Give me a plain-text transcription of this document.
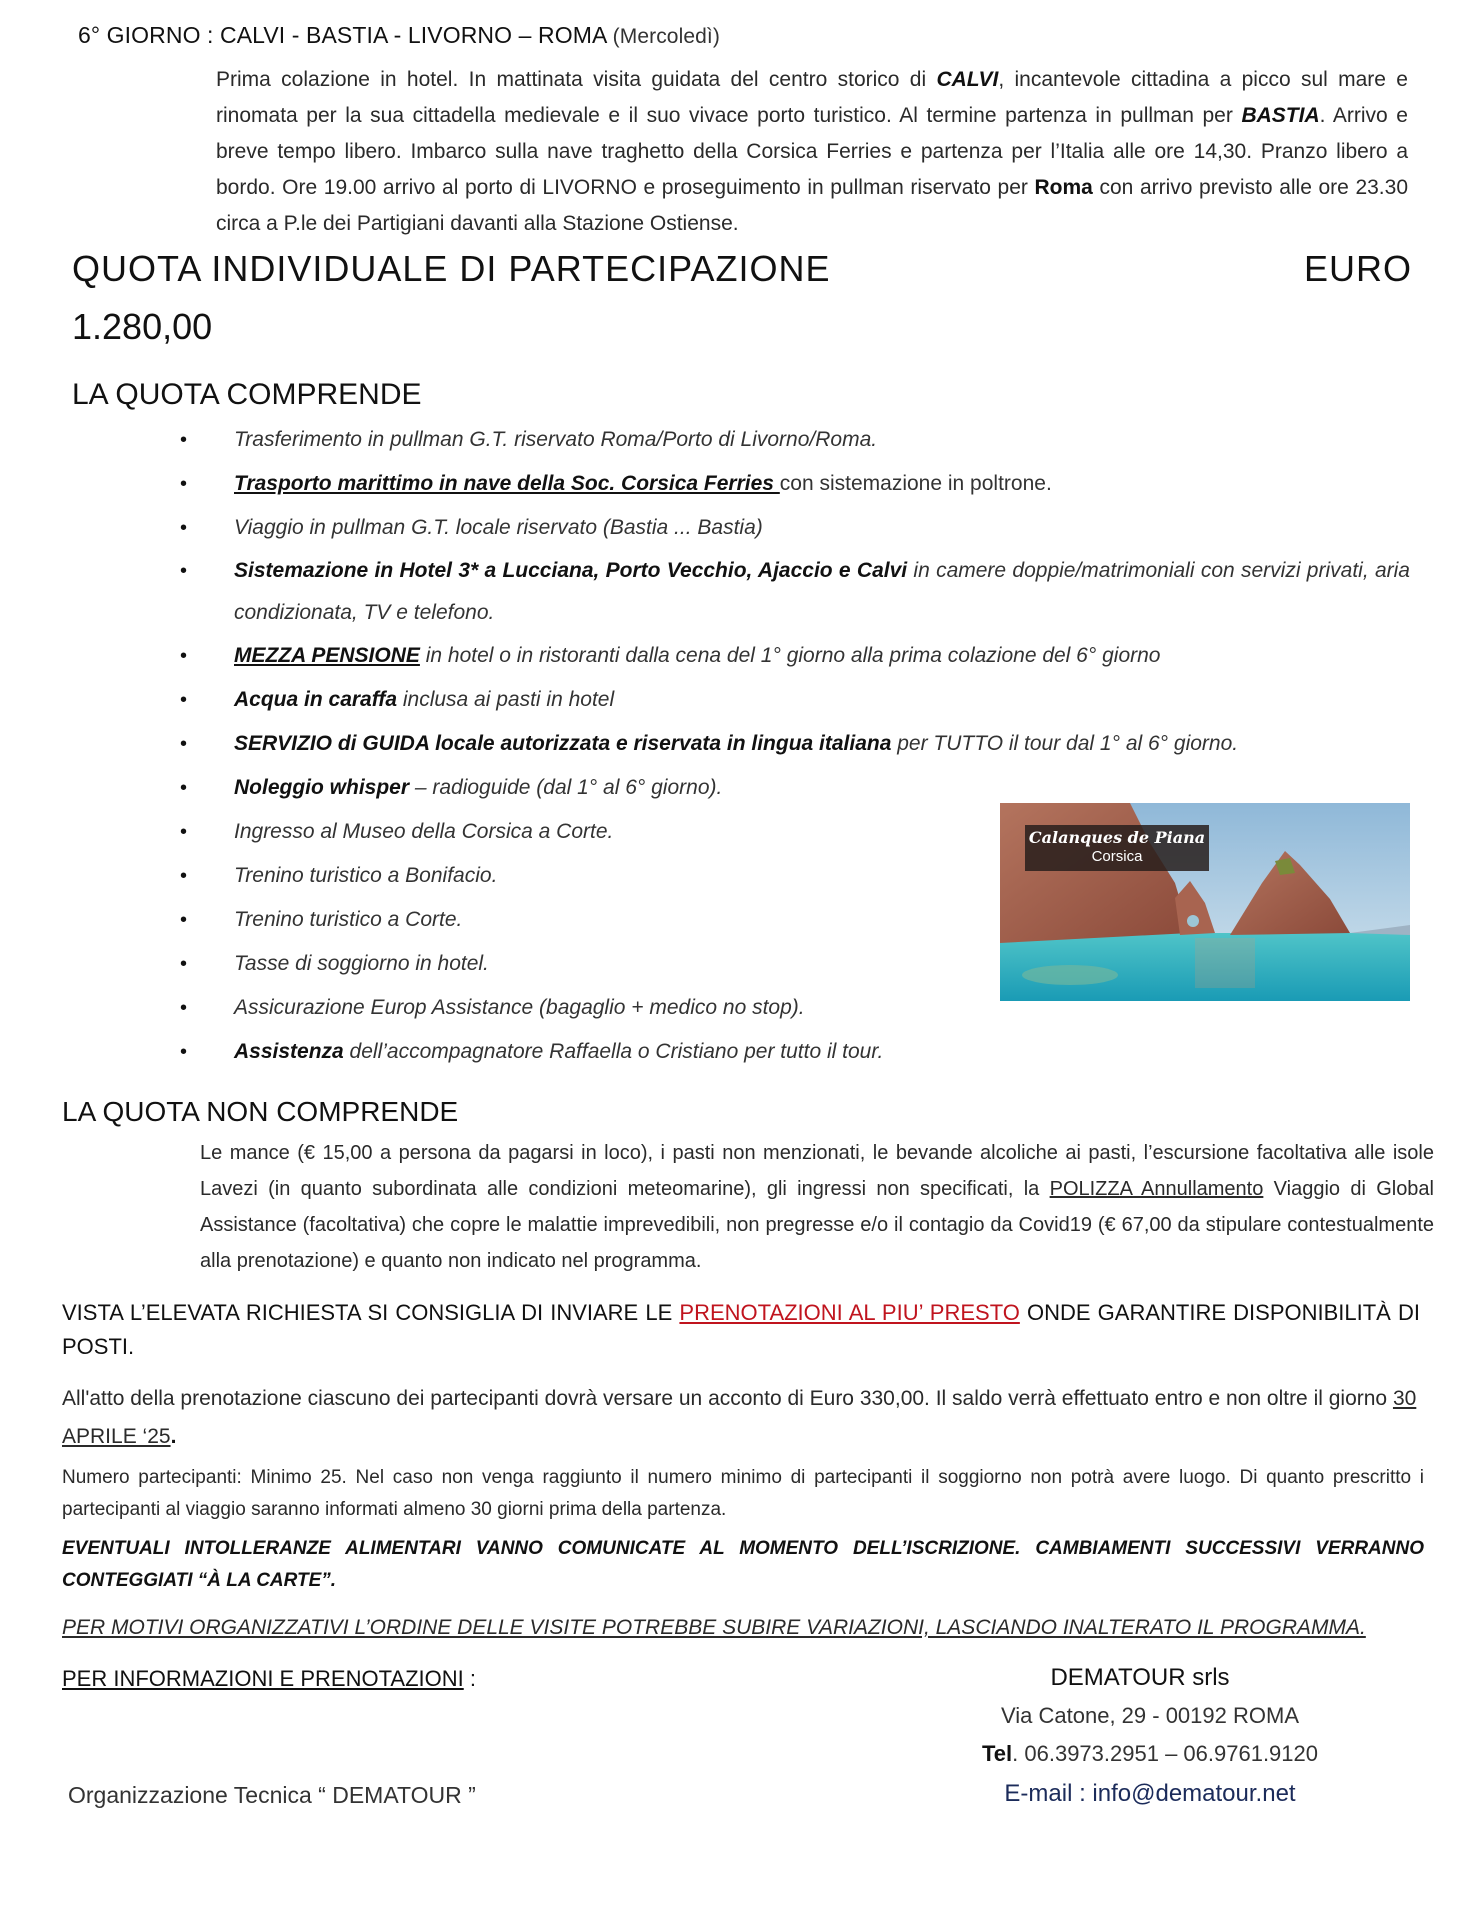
6° GIORNO : CALVI - BASTIA - LIVORNO – ROMA (Mercoledì)
Prima colazione in hotel. In mattinata visita guidata del centro storico di CALVI, incantevole cittadina a picco sul mare e rinomata per la sua cittadella medievale e il suo vivace porto turistico. Al termine partenza in pullman per BASTIA. Arrivo e breve tempo libero. Imbarco sulla nave traghetto della Corsica Ferries e partenza per l’Italia alle ore 14,30. Pranzo libero a bordo. Ore 19.00 arrivo al porto di LIVORNO e proseguimento in pullman riservato per Roma con arrivo previsto alle ore 23.30 circa a P.le dei Partigiani davanti alla Stazione Ostiense.
QUOTA INDIVIDUALE DI PARTECIPAZIONE	EURO
1.280,00
LA QUOTA COMPRENDE
• Trasferimento in pullman G.T. riservato Roma/Porto di Livorno/Roma.
• Trasporto marittimo in nave della Soc. Corsica Ferries con sistemazione in poltrone.
• Viaggio in pullman G.T. locale riservato (Bastia ... Bastia)
• Sistemazione in Hotel 3* a Lucciana, Porto Vecchio, Ajaccio e Calvi in camere doppie/matrimoniali con servizi privati, aria condizionata, TV e telefono.
• MEZZA PENSIONE in hotel o in ristoranti dalla cena del 1° giorno alla prima colazione del 6° giorno
• Acqua in caraffa inclusa ai pasti in hotel
• SERVIZIO di GUIDA locale autorizzata e riservata in lingua italiana per TUTTO il tour dal 1° al 6° giorno.
• Noleggio whisper – radioguide (dal 1° al 6° giorno).
• Ingresso al Museo della Corsica a Corte.
• Trenino turistico a Bonifacio.
• Trenino turistico a Corte.
• Tasse di soggiorno in hotel.
• Assicurazione Europ Assistance (bagaglio + medico no stop).
• Assistenza dell’accompagnatore Raffaella o Cristiano per tutto il tour.
Calanques de Piana
Corsica
LA QUOTA NON COMPRENDE
Le mance (€ 15,00 a persona da pagarsi in loco), i pasti non menzionati, le bevande alcoliche ai pasti, l’escursione facoltativa alle isole Lavezi (in quanto subordinata alle condizioni meteomarine), gli ingressi non specificati, la POLIZZA Annullamento Viaggio di Global Assistance (facoltativa) che copre le malattie imprevedibili, non pregresse e/o il contagio da Covid19 (€ 67,00 da stipulare contestualmente alla prenotazione) e quanto non indicato nel programma.
VISTA L’ELEVATA RICHIESTA SI CONSIGLIA DI INVIARE LE PRENOTAZIONI AL PIU’ PRESTO ONDE GARANTIRE DISPONIBILITÀ DI POSTI.
All'atto della prenotazione ciascuno dei partecipanti dovrà versare un acconto di Euro 330,00. Il saldo verrà effettuato entro e non oltre il giorno 30 APRILE ‘25.
Numero partecipanti: Minimo 25. Nel caso non venga raggiunto il numero minimo di partecipanti il soggiorno non potrà avere luogo. Di quanto prescritto i partecipanti al viaggio saranno informati almeno 30 giorni prima della partenza.
EVENTUALI INTOLLERANZE ALIMENTARI VANNO COMUNICATE AL MOMENTO DELL’ISCRIZIONE. CAMBIAMENTI SUCCESSIVI VERRANNO CONTEGGIATI “À LA CARTE”.
PER MOTIVI ORGANIZZATIVI L’ORDINE DELLE VISITE POTREBBE SUBIRE VARIAZIONI, LASCIANDO INALTERATO IL PROGRAMMA.
PER INFORMAZIONI E PRENOTAZIONI :	DEMATOUR srls
Via Catone, 29 - 00192 ROMA
Tel. 06.3973.2951 – 06.9761.9120
E-mail : info@dematour.net
Organizzazione Tecnica “ DEMATOUR ”
